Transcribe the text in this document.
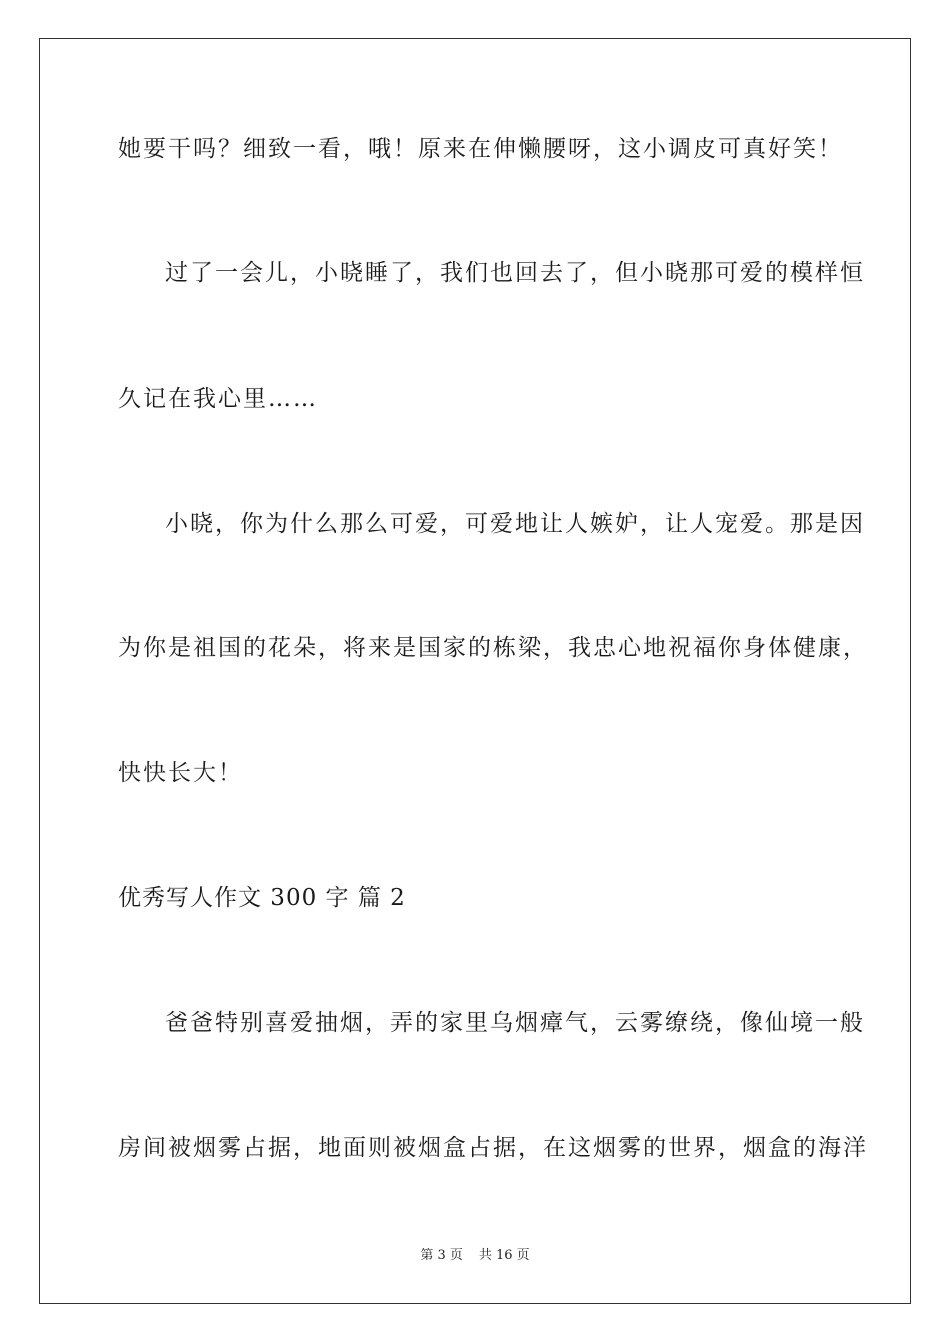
她要干吗？细致一看，哦！原来在伸懒腰呀，这小调皮可真好笑！
过了一会儿，小晓睡了，我们也回去了，但小晓那可爱的模样恒
久记在我心里……
小晓，你为什么那么可爱，可爱地让人嫉妒，让人宠爱。那是因
为你是祖国的花朵，将来是国家的栋梁，我忠心地祝福你身体健康，
快快长大！
优秀写人作文 300 字 篇 2
爸爸特别喜爱抽烟，弄的家里乌烟瘴气，云雾缭绕，像仙境一般
房间被烟雾占据，地面则被烟盒占据，在这烟雾的世界，烟盒的海洋
第 3 页 共 16 页
